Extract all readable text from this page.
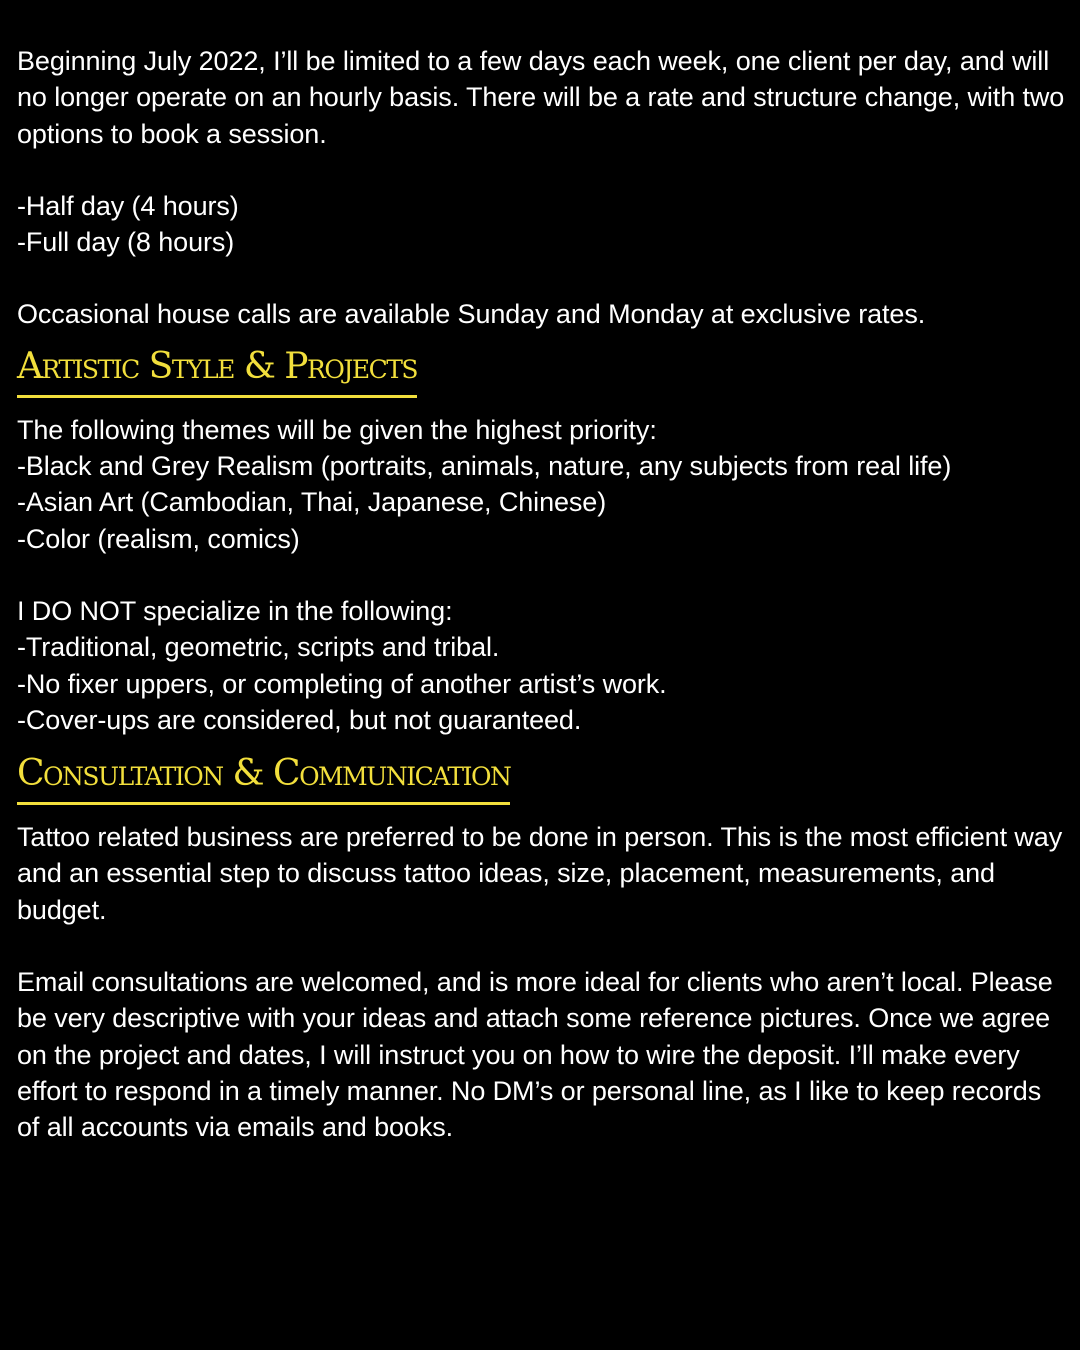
Beginning July 2022, I’ll be limited to a few days each week, one client per day, and will no longer operate on an hourly basis. There will be a rate and structure change, with two options to book a session.

-Half day (4 hours)
-Full day (8 hours)

Occasional house calls are available Sunday and Monday at exclusive rates.

Artistic Style & Projects

The following themes will be given the highest priority:
-Black and Grey Realism (portraits, animals, nature, any subjects from real life)
-Asian Art (Cambodian, Thai, Japanese, Chinese)
-Color (realism, comics)

I DO NOT specialize in the following:
-Traditional, geometric, scripts and tribal.
-No fixer uppers, or completing of another artist’s work.
-Cover-ups are considered, but not guaranteed.

Consultation & Communication

Tattoo related business are preferred to be done in person. This is the most efficient way and an essential step to discuss tattoo ideas, size, placement, measurements, and budget.

Email consultations are welcomed, and is more ideal for clients who aren’t local. Please be very descriptive with your ideas and attach some reference pictures. Once we agree on the project and dates, I will instruct you on how to wire the deposit. I’ll make every effort to respond in a timely manner. No DM’s or personal line, as I like to keep records of all accounts via emails and books.
